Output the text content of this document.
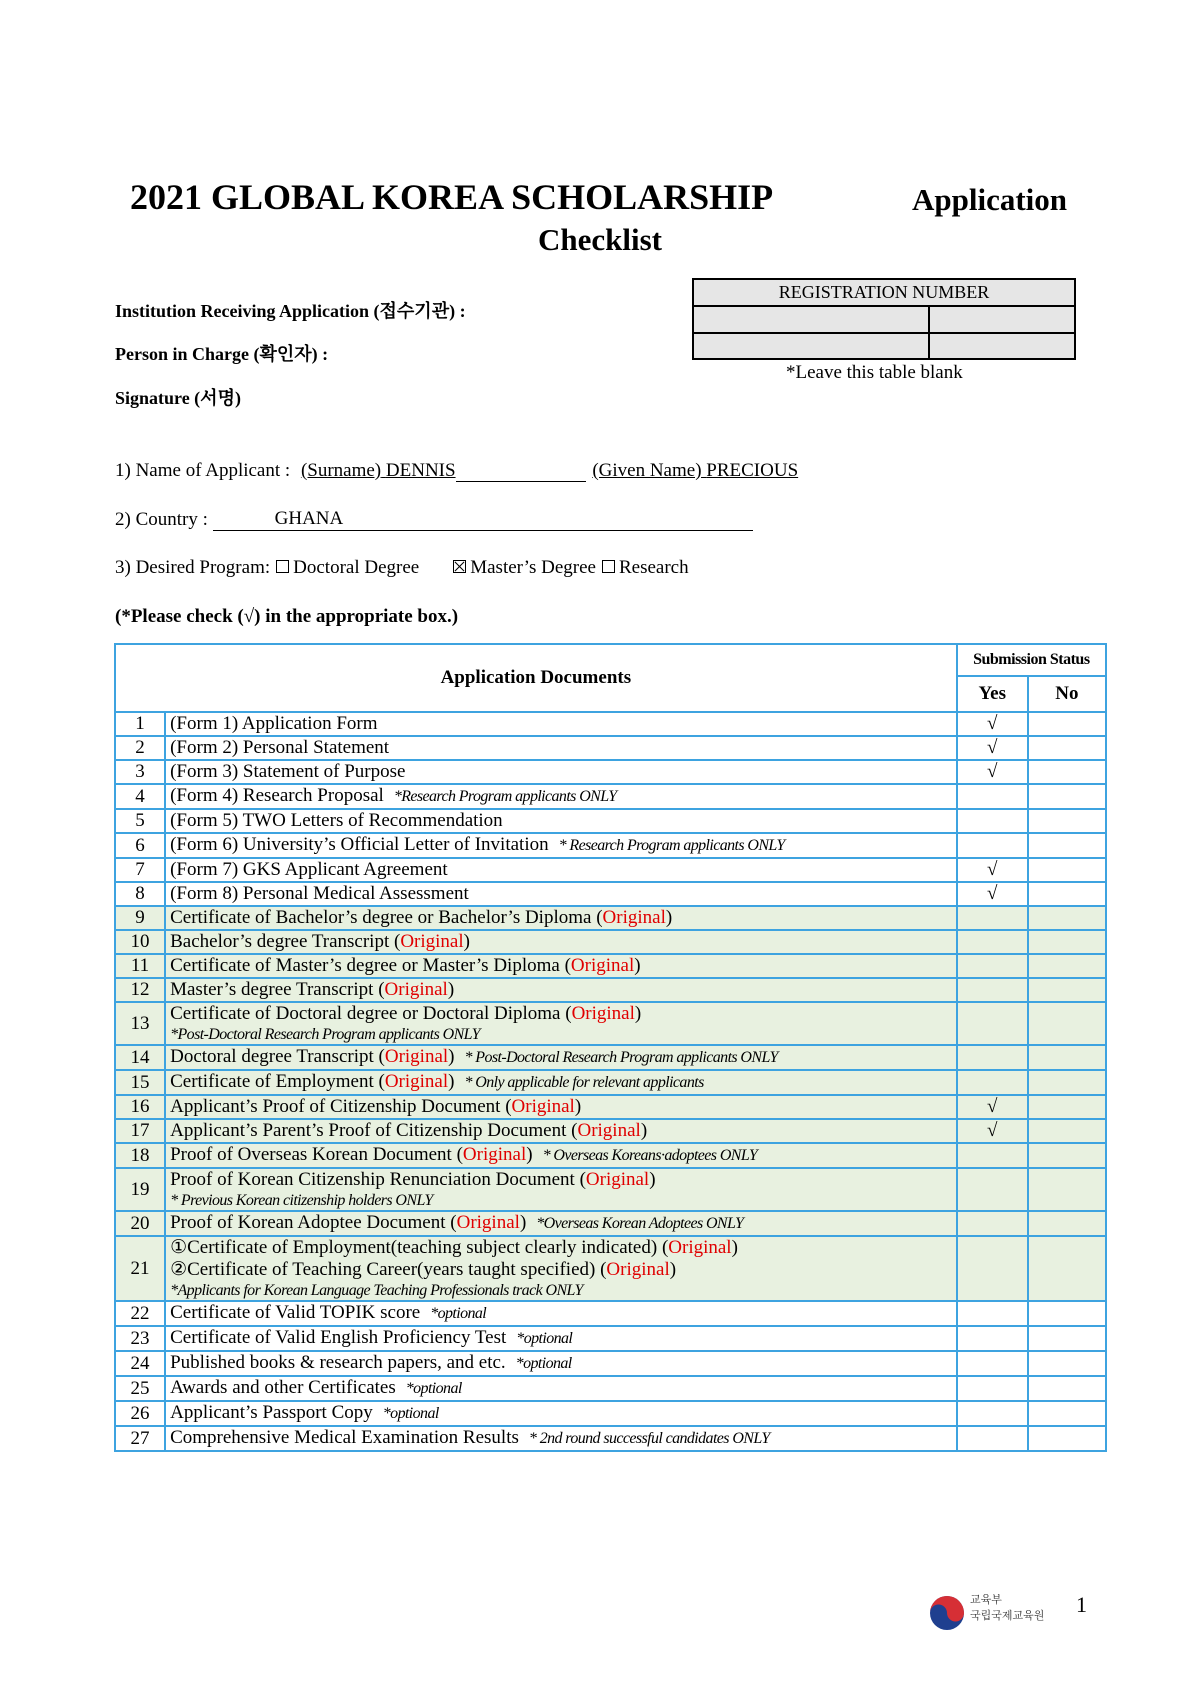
2021 GLOBAL KOREA SCHOLARSHIP	Application
Checklist
Institution Receiving Application (접수기관) :
Person in Charge (확인자) :
Signature (서명)
REGISTRATION NUMBER	

*Leave this table blank
1) Name of Applicant : (Surname) DENNIS	(Given Name) PRECIOUS
2) Country :	GHANA
3) Desired Program: Doctoral Degree	Master’s Degree Research
(*Please check (√) in the appropriate box.)
Application Documents		Submission Status	
		Yes	No
1	(Form 1) Application Form	√	
2	(Form 2) Personal Statement	√	
3	(Form 3) Statement of Purpose	√	
4	(Form 4) Research Proposal *Research Program applicants ONLY		

5	(Form 5) TWO Letters of Recommendation		

6	(Form 6) University’s Official Letter of Invitation * Research Program applicants ONLY		

7	(Form 7) GKS Applicant Agreement	√	
8	(Form 8) Personal Medical Assessment	√	
9	Certificate of Bachelor’s degree or Bachelor’s Diploma (Original)		

10	Bachelor’s degree Transcript (Original)		

11	Certificate of Master’s degree or Master’s Diploma (Original)		

12	Master’s degree Transcript (Original)		

13	Certificate of Doctoral degree or Doctoral Diploma (Original)
*Post-Doctoral Research Program applicants ONLY		

14	Doctoral degree Transcript (Original) * Post-Doctoral Research Program applicants ONLY		

15	Certificate of Employment (Original) * Only applicable for relevant applicants		

16	Applicant’s Proof of Citizenship Document (Original)	√	
17	Applicant’s Parent’s Proof of Citizenship Document (Original)	√	
18	Proof of Overseas Korean Document (Original) * Overseas Koreans·adoptees ONLY		

19	Proof of Korean Citizenship Renunciation Document (Original)
* Previous Korean citizenship holders ONLY		

20	Proof of Korean Adoptee Document (Original) *Overseas Korean Adoptees ONLY		

21	①Certificate of Employment(teaching subject clearly indicated) (Original)
②Certificate of Teaching Career(years taught specified) (Original)
*Applicants for Korean Language Teaching Professionals track ONLY		

22	Certificate of Valid TOPIK score *optional		

23	Certificate of Valid English Proficiency Test *optional		

24	Published books & research papers, and etc. *optional		

25	Awards and other Certificates *optional		

26	Applicant’s Passport Copy *optional		

27	Comprehensive Medical Examination Results * 2nd round successful candidates ONLY		

교육부
국립국제교육원 1
